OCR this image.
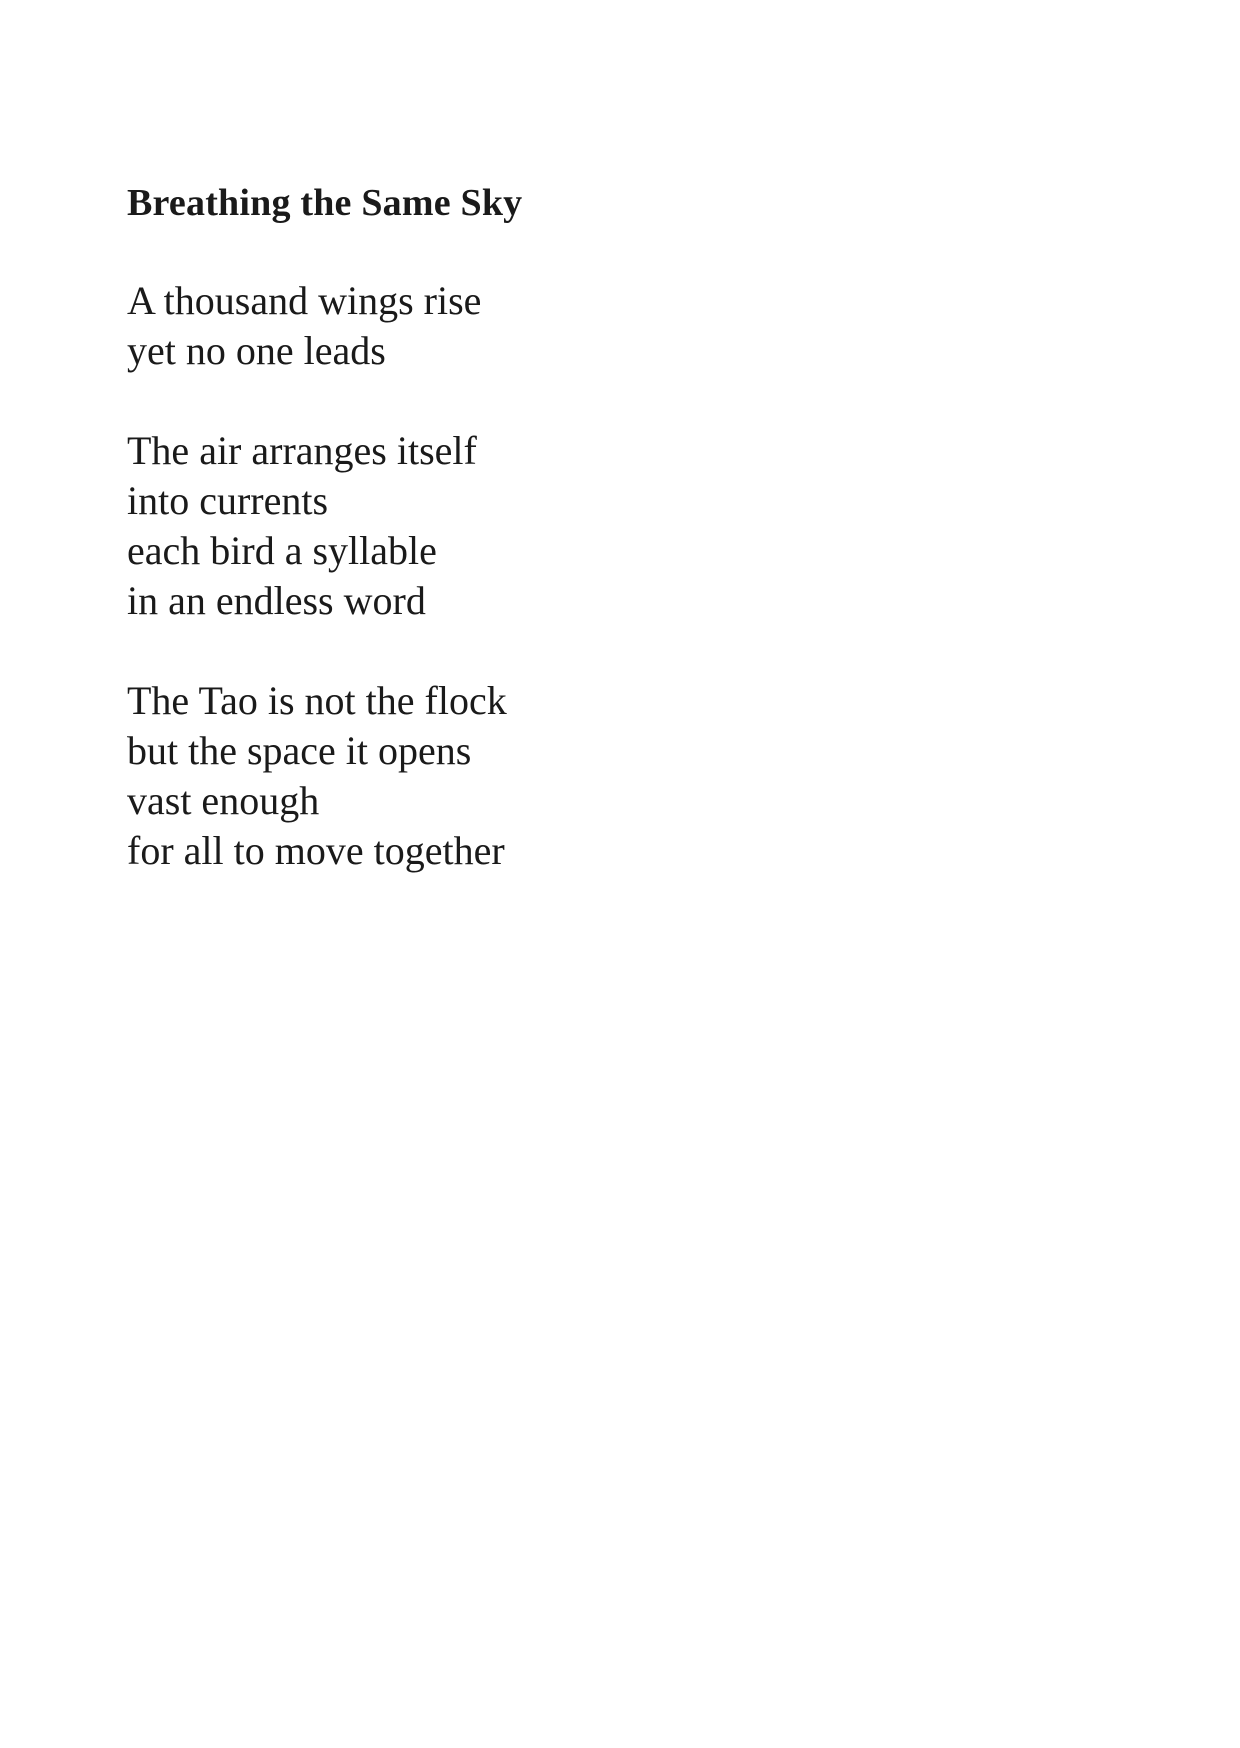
Breathing the Same Sky
A thousand wings rise
yet no one leads
The air arranges itself
into currents
each bird a syllable
in an endless word
The Tao is not the flock
but the space it opens
vast enough
for all to move together
